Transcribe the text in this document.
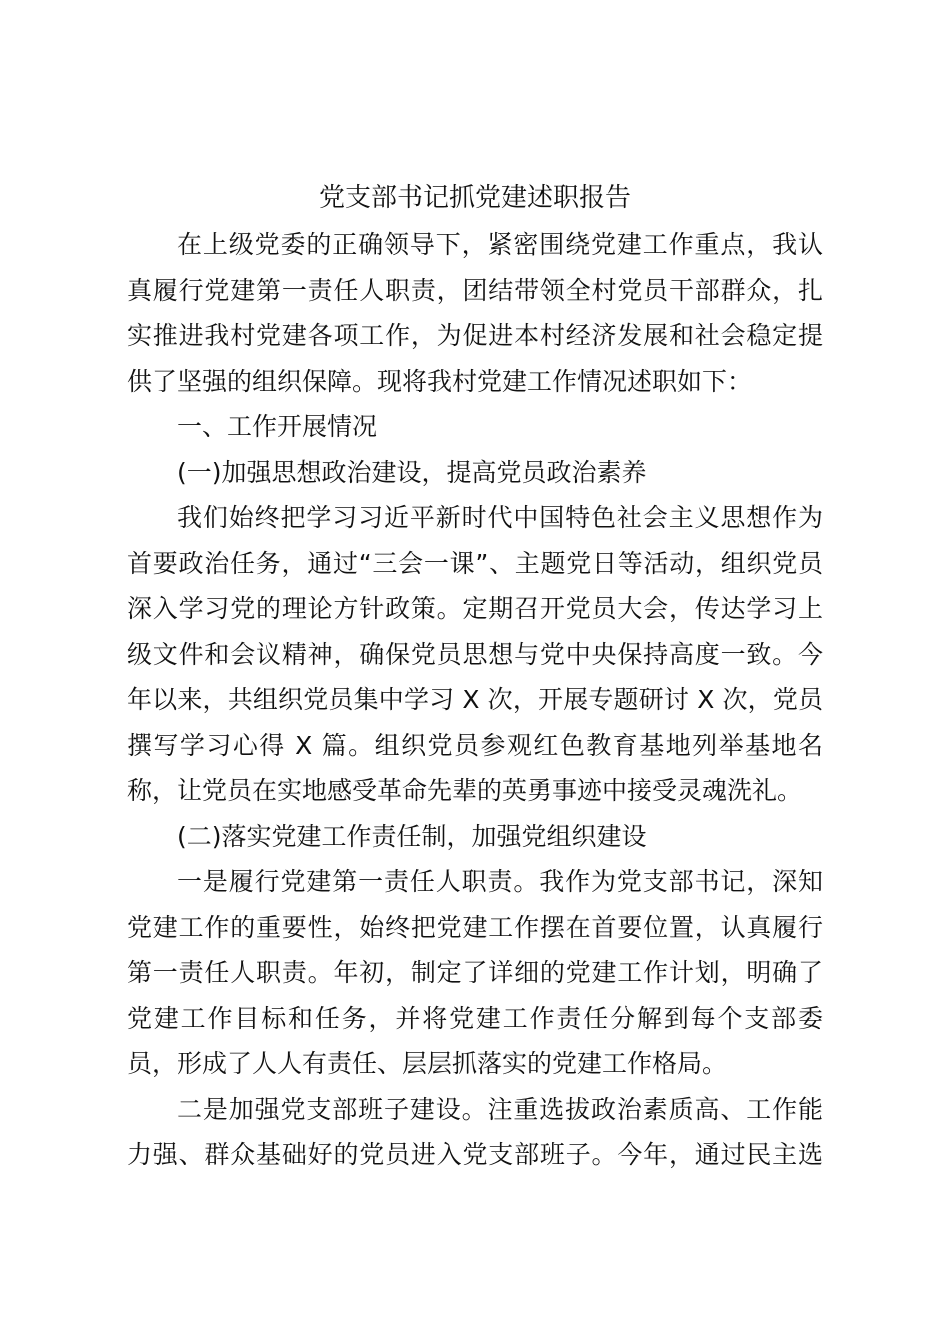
党支部书记抓党建述职报告
在上级党委的正确领导下，紧密围绕党建工作重点，我认
真履行党建第一责任人职责，团结带领全村党员干部群众，扎
实推进我村党建各项工作，为促进本村经济发展和社会稳定提
供了坚强的组织保障。现将我村党建工作情况述职如下：
一、工作开展情况
(一)加强思想政治建设，提高党员政治素养
我们始终把学习习近平新时代中国特色社会主义思想作为
首要政治任务，通过“三会一课”、主题党日等活动，组织党员
深入学习党的理论方针政策。定期召开党员大会，传达学习上
级文件和会议精神，确保党员思想与党中央保持高度一致。今
年以来，共组织党员集中学习 X 次，开展专题研讨 X 次，党员
撰写学习心得 X 篇。组织党员参观红色教育基地列举基地名
称，让党员在实地感受革命先辈的英勇事迹中接受灵魂洗礼。
(二)落实党建工作责任制，加强党组织建设
一是履行党建第一责任人职责。我作为党支部书记，深知
党建工作的重要性，始终把党建工作摆在首要位置，认真履行
第一责任人职责。年初，制定了详细的党建工作计划，明确了
党建工作目标和任务，并将党建工作责任分解到每个支部委
员，形成了人人有责任、层层抓落实的党建工作格局。
二是加强党支部班子建设。注重选拔政治素质高、工作能
力强、群众基础好的党员进入党支部班子。今年，通过民主选
